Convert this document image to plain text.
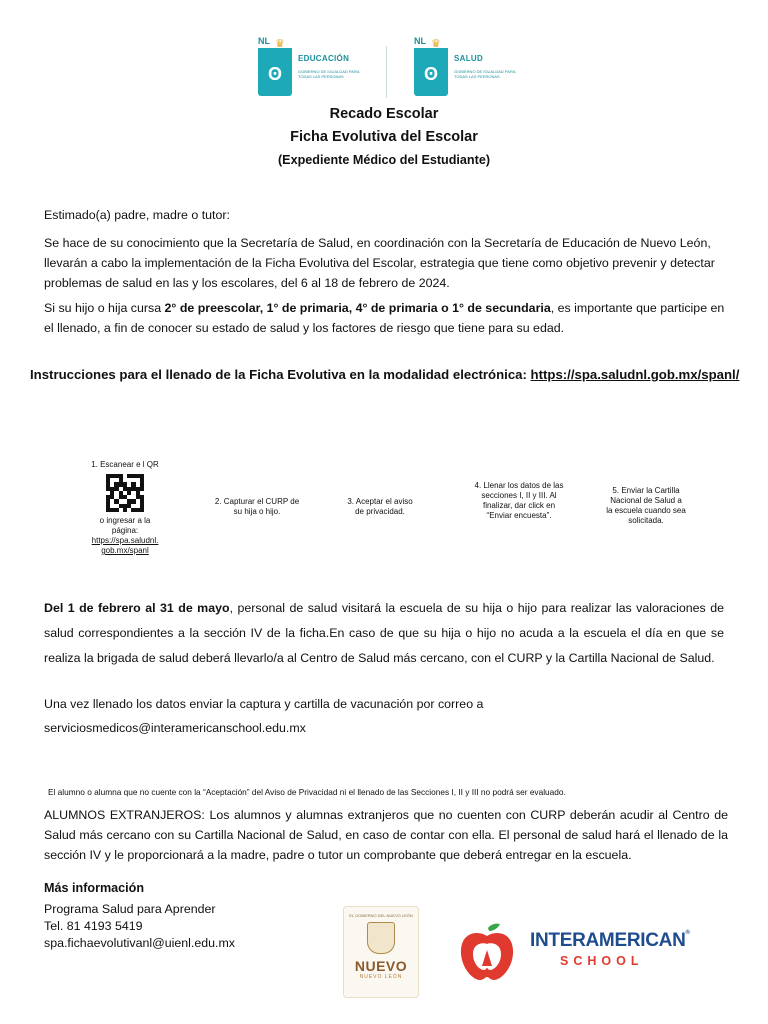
NL ♛
ʘ
EDUCACIÓN
GOBIERNO DE IGUALDAD PARA TODAS LAS PERSONAS
NL ♛
ʘ
SALUD
GOBIERNO DE IGUALDAD PARA TODAS LAS PERSONAS
Recado Escolar
Ficha Evolutiva del Escolar
(Expediente Médico del Estudiante)
Estimado(a) padre, madre o tutor:
Se hace de su conocimiento que la Secretaría de Salud, en coordinación con la Secretaría de Educación de Nuevo León, llevarán a cabo la implementación de la Ficha Evolutiva del Escolar, estrategia que tiene como objetivo prevenir y detectar problemas de salud en las y los escolares, del 6 al 18 de febrero de 2024.
Si su hijo o hija cursa 2° de preescolar, 1° de primaria, 4° de primaria o 1° de secundaria, es importante que participe en el llenado, a fin de conocer su estado de salud y los factores de riesgo que tiene para su edad.
Instrucciones para el llenado de la Ficha Evolutiva en la modalidad electrónica: https://spa.saludnl.gob.mx/spanl/
1. Escanear e l QR
o ingresar a la página:
https://spa.saludnl. gob.mx/spanl
2. Capturar el CURP de su hija o hijo.
3. Aceptar el aviso de privacidad.
4. Llenar los datos de las secciones I, II y III. Al finalizar, dar click en “Enviar encuesta”.
5. Enviar la Cartilla Nacional de Salud a la escuela cuando sea solicitada.
Del 1 de febrero al 31 de mayo, personal de salud visitará la escuela de su hija o hijo para realizar las valoraciones de salud correspondientes a la sección IV de la ficha.En caso de que su hija o hijo no acuda a la escuela el día en que se realiza la brigada de salud deberá llevarlo/a al Centro de Salud más cercano, con el CURP y la Cartilla Nacional de Salud.
Una vez llenado los datos enviar la captura y cartilla de vacunación por correo a
serviciosmedicos@interamericanschool.edu.mx
El alumno o alumna que no cuente con la “Aceptación” del Aviso de Privacidad ni el llenado de las Secciones I, II y III no podrá ser evaluado.
ALUMNOS EXTRANJEROS: Los alumnos y alumnas extranjeros que no cuenten con CURP deberán acudir al Centro de Salud más cercano con su Cartilla Nacional de Salud, en caso de contar con ella. El personal de salud hará el llenado de la sección IV y le proporcionará a la madre, padre o tutor un comprobante que deberá entregar en la escuela.
Más información
Programa Salud para Aprender
Tel. 81 4193 5419
spa.fichaevolutivanl@uienl.edu.mx
EL GOBIERNO DEL NUEVO LEÓN
NUEVO
NUEVO LEÓN
INTERAMERICAN®
SCHOOL
